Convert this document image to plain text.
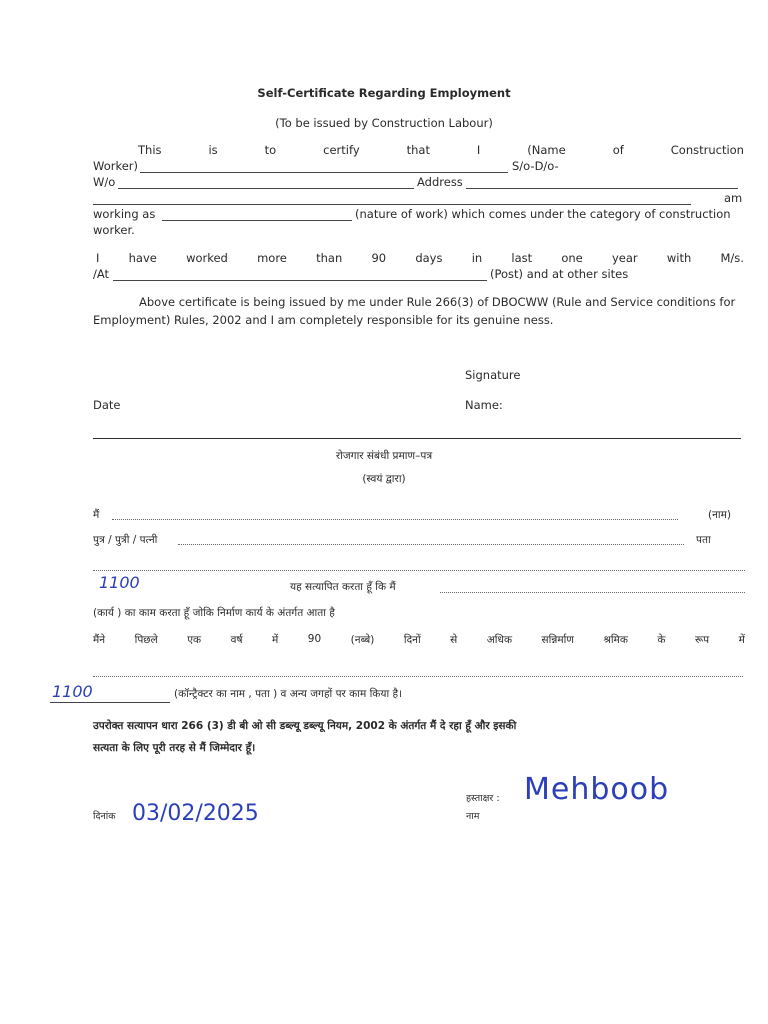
Self-Certificate Regarding Employment
(To be issued by Construction Labour)
This	is	to	certify	that	I	(Name	of	Construction
Worker)	S/o-D/o-
W/o	Address
am
working as	(nature of work) which comes under the category of construction
worker.
I	have	worked	more	than	90	days	in	last	one	year	with	M/s.
/At	(Post) and at other sites
Above certificate is being issued by me under Rule 266(3) of DBOCWW (Rule and Service conditions for
Employment) Rules, 2002 and I am completely responsible for its genuine ness.
Signature
Date	Name:
रोजगार संबंधी प्रमाण–पत्र
(स्वयं द्वारा)
मैं	(नाम)
पुत्र / पुत्री / पत्नी	पता
1100	यह सत्यापित करता हूँ कि मैं
(कार्य ) का काम करता हूँ जोकि निर्माण कार्य के अंतर्गत आता है
मैंने	पिछले	एक	वर्ष	में	90	(नब्बे)	दिनों	से	अधिक	सन्निर्माण	श्रमिक	के	रूप	में
1100	(कॉन्ट्रैक्टर का नाम , पता ) व अन्य जगहों पर काम किया है।
उपरोक्त सत्यापन धारा 266 (3) डी बी ओ सी डब्ल्यू डब्ल्यू नियम, 2002 के अंतर्गत मैं दे रहा हूँ और इसकी
सत्यता के लिए पूरी तरह से मैं जिम्मेदार हूँ।
हस्ताक्षर : Mehboob
नाम
दिनांक 03/02/2025
